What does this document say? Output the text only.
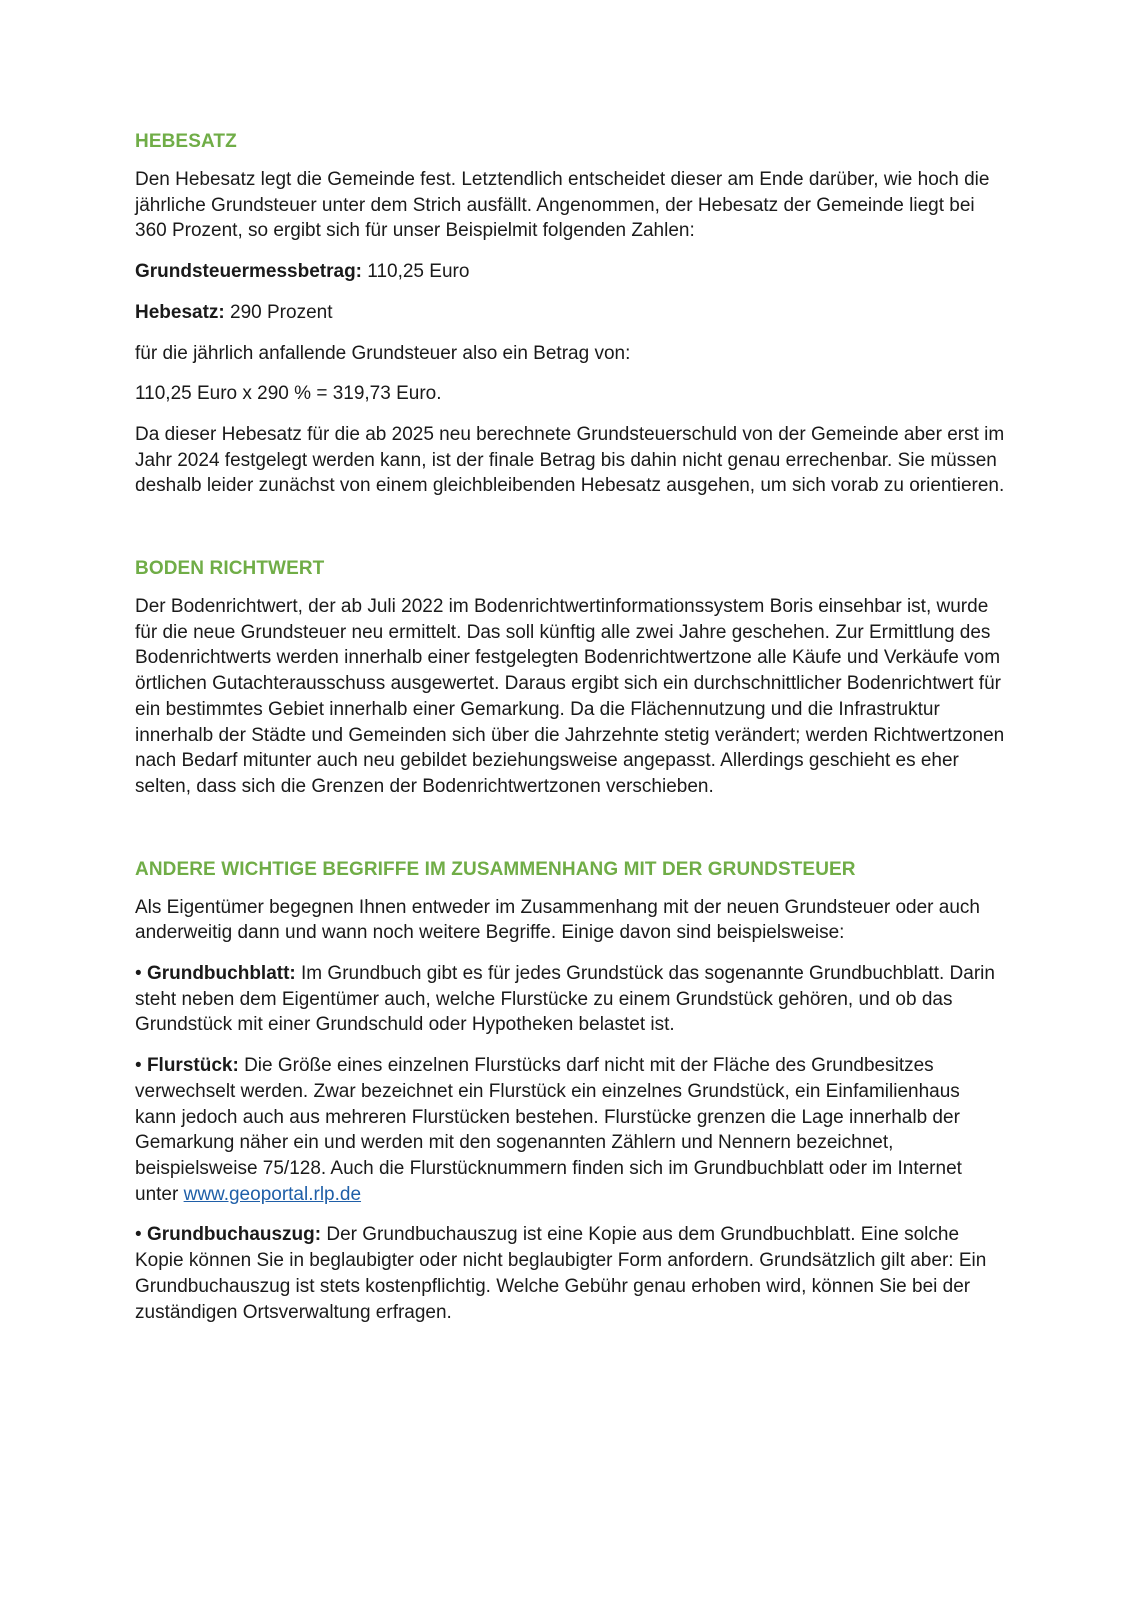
HEBESATZ

Den Hebesatz legt die Gemeinde fest. Letztendlich entscheidet dieser am Ende darüber, wie hoch die jährliche Grundsteuer unter dem Strich ausfällt. Angenommen, der Hebesatz der Gemeinde liegt bei 360 Prozent, so ergibt sich für unser Beispielmit folgenden Zahlen:

Grundsteuermessbetrag: 110,25 Euro

Hebesatz: 290 Prozent

für die jährlich anfallende Grundsteuer also ein Betrag von:

110,25 Euro x 290 % = 319,73 Euro.

Da dieser Hebesatz für die ab 2025 neu berechnete Grundsteuerschuld von der Gemeinde aber erst im Jahr 2024 festgelegt werden kann, ist der finale Betrag bis dahin nicht genau errechenbar. Sie müssen deshalb leider zunächst von einem gleichbleibenden Hebesatz ausgehen, um sich vorab zu orientieren.

BODEN RICHTWERT

Der Bodenrichtwert, der ab Juli 2022 im Bodenrichtwertinformationssystem Boris einsehbar ist, wurde für die neue Grundsteuer neu ermittelt. Das soll künftig alle zwei Jahre geschehen. Zur Ermittlung des Bodenrichtwerts werden innerhalb einer festgelegten Bodenrichtwertzone alle Käufe und Verkäufe vom örtlichen Gutachterausschuss ausgewertet. Daraus ergibt sich ein durchschnittlicher Bodenrichtwert für ein bestimmtes Gebiet innerhalb einer Gemarkung. Da die Flächennutzung und die Infrastruktur innerhalb der Städte und Gemeinden sich über die Jahrzehnte stetig verändert; werden Richtwertzonen nach Bedarf mitunter auch neu gebildet beziehungsweise angepasst. Allerdings geschieht es eher selten, dass sich die Grenzen der Bodenrichtwertzonen verschieben.

ANDERE WICHTIGE BEGRIFFE IM ZUSAMMENHANG MIT DER GRUNDSTEUER

Als Eigentümer begegnen Ihnen entweder im Zusammenhang mit der neuen Grundsteuer oder auch anderweitig dann und wann noch weitere Begriffe. Einige davon sind beispielsweise:

• Grundbuchblatt: Im Grundbuch gibt es für jedes Grundstück das sogenannte Grundbuchblatt. Darin steht neben dem Eigentümer auch, welche Flurstücke zu einem Grundstück gehören, und ob das Grundstück mit einer Grundschuld oder Hypotheken belastet ist.

• Flurstück: Die Größe eines einzelnen Flurstücks darf nicht mit der Fläche des Grundbesitzes verwechselt werden. Zwar bezeichnet ein Flurstück ein einzelnes Grundstück, ein Einfamilienhaus kann jedoch auch aus mehreren Flurstücken bestehen. Flurstücke grenzen die Lage innerhalb der Gemarkung näher ein und werden mit den sogenannten Zählern und Nennern bezeichnet, beispielsweise 75/128. Auch die Flurstücknummern finden sich im Grundbuchblatt oder im Internet unter www.geoportal.rlp.de

• Grundbuchauszug: Der Grundbuchauszug ist eine Kopie aus dem Grundbuchblatt. Eine solche Kopie können Sie in beglaubigter oder nicht beglaubigter Form anfordern. Grundsätzlich gilt aber: Ein Grundbuchauszug ist stets kostenpflichtig. Welche Gebühr genau erhoben wird, können Sie bei der zuständigen Ortsverwaltung erfragen.
